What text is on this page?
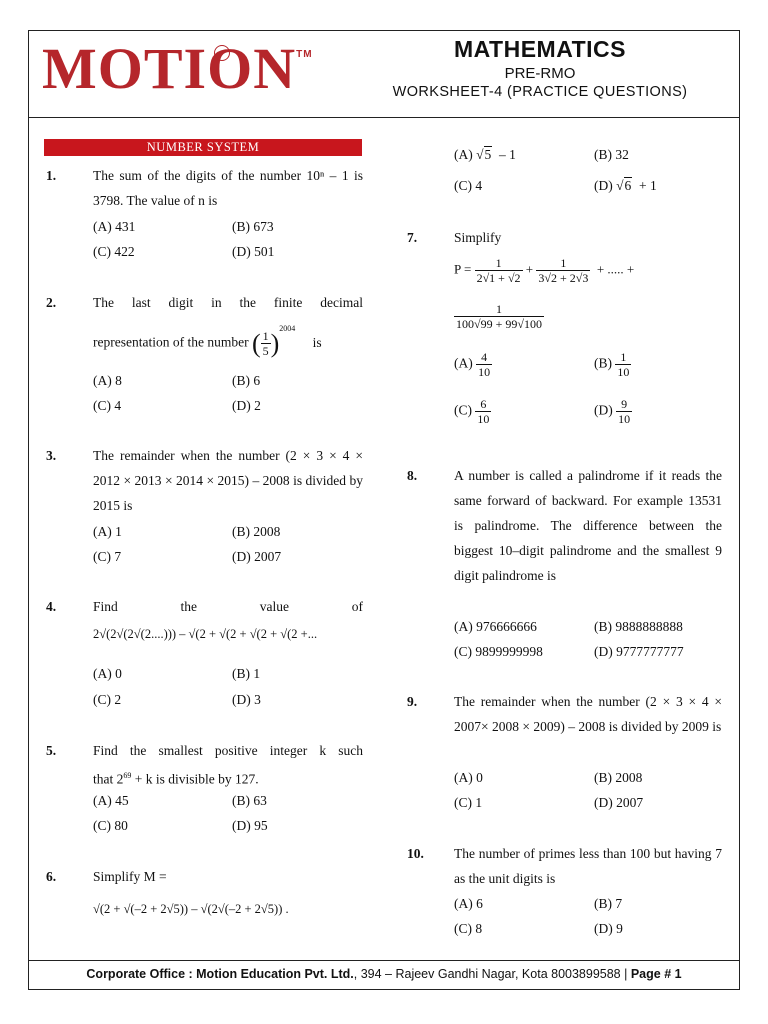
MOTION™	MATHEMATICS
PRE-RMO
WORKSHEET-4 (PRACTICE QUESTIONS)
NUMBER SYSTEM
1.	The sum of the digits of the number 10ⁿ – 1 is 3798. The value of n is
(A) 431	(B) 673
(C) 422	(D) 501
2.	The last digit in the finite decimal
representation of the number ( $\frac{1}{5} )^{2004}$ is
(A) 8	(B) 6
(C) 4	(D) 2
3.	The remainder when the number (2 × 3 × 4 × 2012 × 2013 × 2014 × 2015) – 2008 is divided by 2015 is
(A) 1	(B) 2008
(C) 7	(D) 2007
4.	Find the value of
2√(2√(2√(2....))) – √(2 + √(2 + √(2 + √(2 +...
(A) 0	(B) 1
(C) 2	(D) 3
5.	Find the smallest positive integer k such
that $2^{69} + k$ is divisible by 127.
(A) 45	(B) 63
(C) 80	(D) 95
6.	Simplify M =
√(2 + √(–2 + 2√5)) – √(2√(–2 + 2√5)) .
(A) √5 – 1	(B) 32
(C) 4	(D) √6 + 1
7.	Simplify
$P = \frac{1}{2√1 + √2} + \frac{1}{3√2 + 2√3}$ + ..... +
$\frac{1}{100√99 + 99√100}$
$(A) \frac{4}{10}$	$(B) \frac{1}{10}$
$(C) \frac{6}{10}$	$(D) \frac{9}{10}$
8.	A number is called a palindrome if it reads the same forward of backward. For example 13531 is palindrome. The difference between the biggest 10–digit palindrome and the smallest 9 digit palindrome is
(A) 976666666	(B) 9888888888
(C) 9899999998	(D) 9777777777
9.	The remainder when the number (2 × 3 × 4 × 2007× 2008 × 2009) – 2008 is divided by 2009 is
(A) 0	(B) 2008
(C) 1	(D) 2007
10. The number of primes less than 100 but having 7 as the unit digits is
(A) 6	(B) 7
(C) 8	(D) 9
Corporate Office : Motion Education Pvt. Ltd., 394 – Rajeev Gandhi Nagar, Kota 8003899588 | Page # 1
